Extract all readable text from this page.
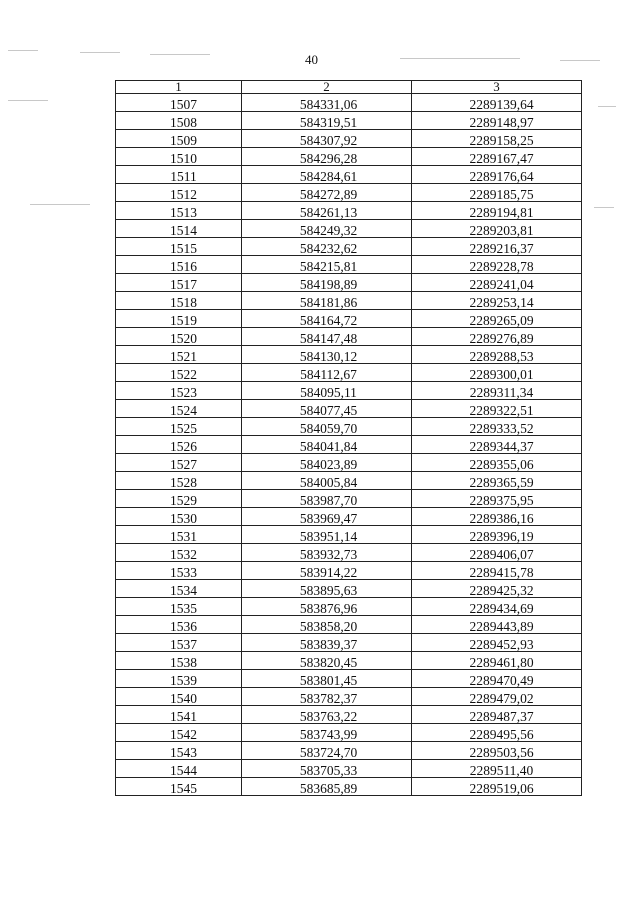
40
1	2	3
1507	584331,06	2289139,64
1508	584319,51	2289148,97
1509	584307,92	2289158,25
1510	584296,28	2289167,47
1511	584284,61	2289176,64
1512	584272,89	2289185,75
1513	584261,13	2289194,81
1514	584249,32	2289203,81
1515	584232,62	2289216,37
1516	584215,81	2289228,78
1517	584198,89	2289241,04
1518	584181,86	2289253,14
1519	584164,72	2289265,09
1520	584147,48	2289276,89
1521	584130,12	2289288,53
1522	584112,67	2289300,01
1523	584095,11	2289311,34
1524	584077,45	2289322,51
1525	584059,70	2289333,52
1526	584041,84	2289344,37
1527	584023,89	2289355,06
1528	584005,84	2289365,59
1529	583987,70	2289375,95
1530	583969,47	2289386,16
1531	583951,14	2289396,19
1532	583932,73	2289406,07
1533	583914,22	2289415,78
1534	583895,63	2289425,32
1535	583876,96	2289434,69
1536	583858,20	2289443,89
1537	583839,37	2289452,93
1538	583820,45	2289461,80
1539	583801,45	2289470,49
1540	583782,37	2289479,02
1541	583763,22	2289487,37
1542	583743,99	2289495,56
1543	583724,70	2289503,56
1544	583705,33	2289511,40
1545	583685,89	2289519,06
